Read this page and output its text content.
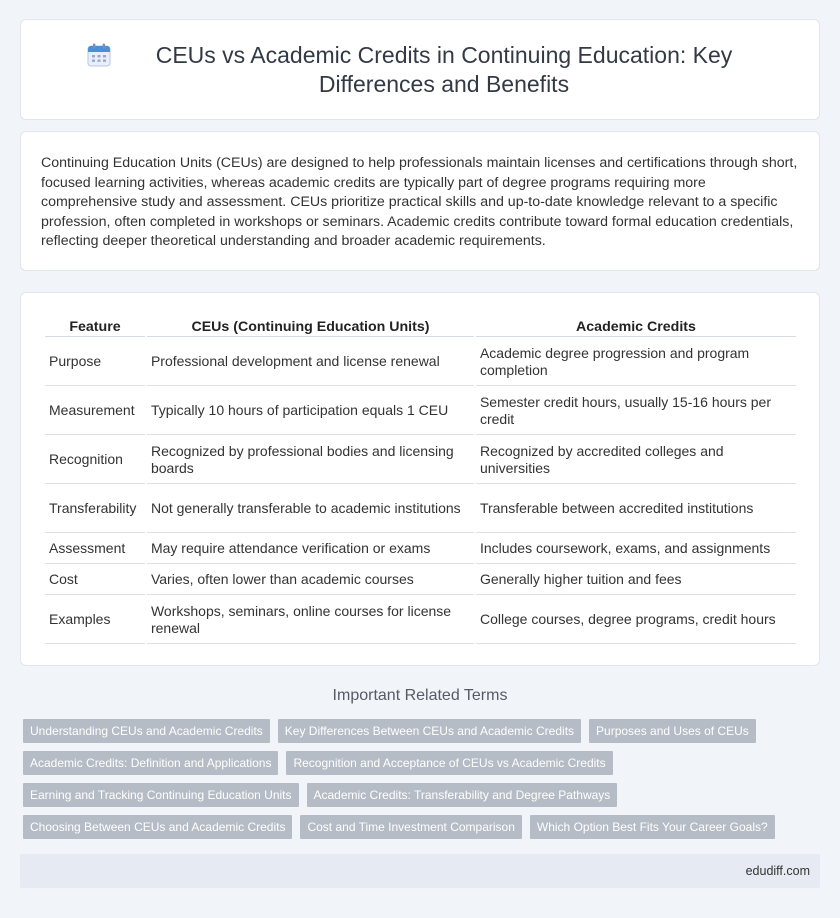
CEUs vs Academic Credits in Continuing Education: Key Differences and Benefits

Continuing Education Units (CEUs) are designed to help professionals maintain licenses and certifications through short, focused learning activities, whereas academic credits are typically part of degree programs requiring more comprehensive study and assessment. CEUs prioritize practical skills and up-to-date knowledge relevant to a specific profession, often completed in workshops or seminars. Academic credits contribute toward formal education credentials, reflecting deeper theoretical understanding and broader academic requirements.

Feature	CEUs (Continuing Education Units)	Academic Credits
Purpose	Professional development and license renewal	Academic degree progression and program completion
Measurement	Typically 10 hours of participation equals 1 CEU	Semester credit hours, usually 15-16 hours per credit
Recognition	Recognized by professional bodies and licensing boards	Recognized by accredited colleges and universities
Transferability	Not generally transferable to academic institutions	Transferable between accredited institutions
Assessment	May require attendance verification or exams	Includes coursework, exams, and assignments
Cost	Varies, often lower than academic courses	Generally higher tuition and fees
Examples	Workshops, seminars, online courses for license renewal	College courses, degree programs, credit hours
Important Related Terms
Understanding CEUs and Academic Credits	Key Differences Between CEUs and Academic Credits	Purposes and Uses of CEUs
Academic Credits: Definition and Applications	Recognition and Acceptance of CEUs vs Academic Credits
Earning and Tracking Continuing Education Units	Academic Credits: Transferability and Degree Pathways
Choosing Between CEUs and Academic Credits	Cost and Time Investment Comparison	Which Option Best Fits Your Career Goals?
edudiff.com
